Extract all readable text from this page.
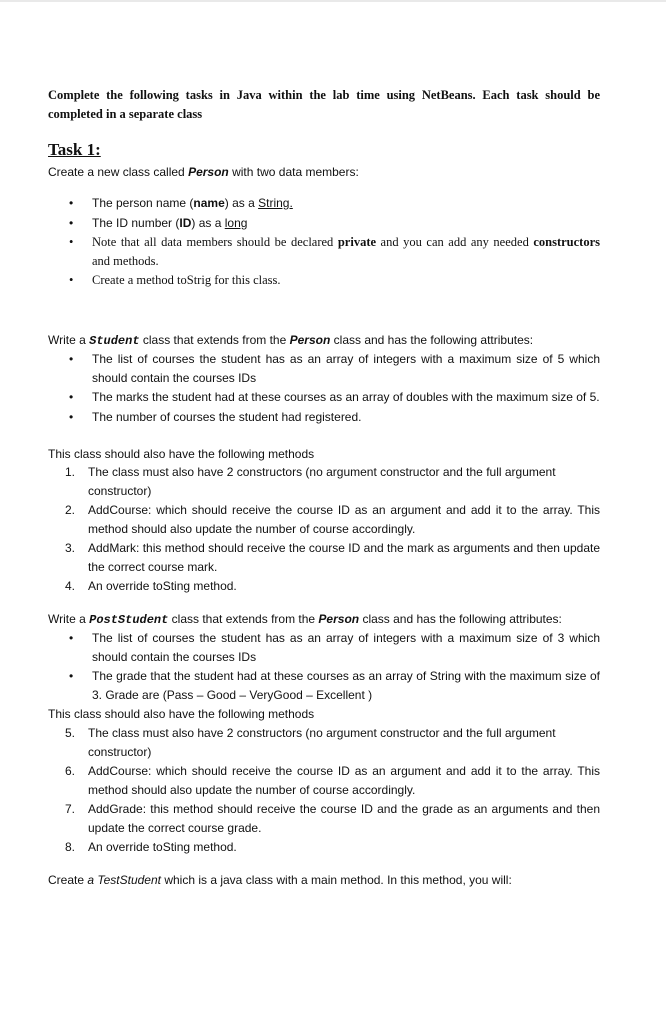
Complete the following tasks in Java within the lab time using NetBeans. Each task should be completed in a separate class
Task 1:
Create a new class called Person with two data members:
• The person name (name) as a String.
• The ID number (ID) as a long
• Note that all data members should be declared private and you can add any needed constructors and methods.
• Create a method toStrig for this class.
Write a Student class that extends from the Person class and has the following attributes:
• The list of courses the student has as an array of integers with a maximum size of 5 which should contain the courses IDs
• The marks the student had at these courses as an array of doubles with the maximum size of 5.
• The number of courses the student had registered.
This class should also have the following methods
1. The class must also have 2 constructors (no argument constructor and the full argument constructor)
2. AddCourse: which should receive the course ID as an argument and add it to the array. This method should also update the number of course accordingly.
3. AddMark: this method should receive the course ID and the mark as arguments and then update the correct course mark.
4. An override toSting method.
Write a PostStudent class that extends from the Person class and has the following attributes:
• The list of courses the student has as an array of integers with a maximum size of 3 which should contain the courses IDs
• The grade that the student had at these courses as an array of String with the maximum size of 3. Grade are (Pass – Good – VeryGood – Excellent )
This class should also have the following methods
5. The class must also have 2 constructors (no argument constructor and the full argument constructor)
6. AddCourse: which should receive the course ID as an argument and add it to the array. This method should also update the number of course accordingly.
7. AddGrade: this method should receive the course ID and the grade as an arguments and then update the correct course grade.
8. An override toSting method.
Create a TestStudent which is a java class with a main method. In this method, you will:
